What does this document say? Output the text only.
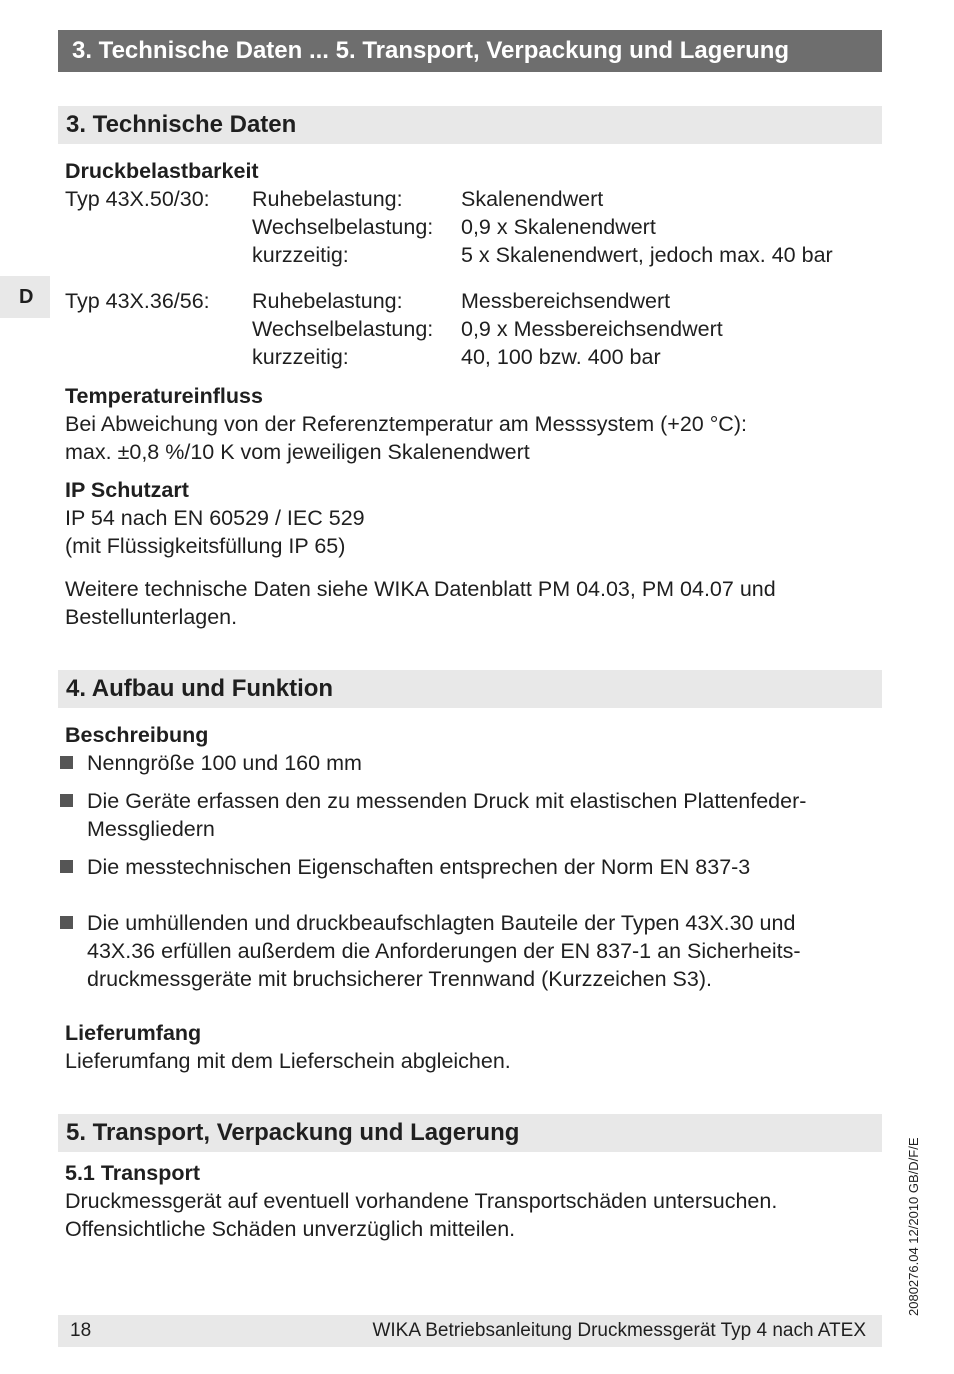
3. Technische Daten ... 5. Transport, Verpackung und Lagerung
D
3. Technische Daten
Druckbelastbarkeit
Typ 43X.50/30: Ruhebelastung:	Skalenendwert
Wechselbelastung: 0,9 x Skalenendwert
kurzzeitig:	5 x Skalenendwert, jedoch max. 40 bar
Typ 43X.36/56: Ruhebelastung:	Messbereichsendwert
Wechselbelastung: 0,9 x Messbereichsendwert
kurzzeitig:	40, 100 bzw. 400 bar
Temperatureinfluss
Bei Abweichung von der Referenztemperatur am Messsystem (+20 °C):
max. ±0,8 %/10 K vom jeweiligen Skalenendwert
IP Schutzart
IP 54 nach EN 60529 / IEC 529
(mit Flüssigkeitsfüllung IP 65)
Weitere technische Daten siehe WIKA Datenblatt PM 04.03, PM 04.07 und
Bestellunterlagen.
4. Aufbau und Funktion
Beschreibung
Nenngröße 100 und 160 mm
Die Geräte erfassen den zu messenden Druck mit elastischen Plattenfeder-
Messgliedern
Die messtechnischen Eigenschaften entsprechen der Norm EN 837-3
Die umhüllenden und druckbeaufschlagten Bauteile der Typen 43X.30 und
43X.36 erfüllen außerdem die Anforderungen der EN 837-1 an Sicherheits-
druckmessgeräte mit bruchsicherer Trennwand (Kurzzeichen S3).
Lieferumfang
Lieferumfang mit dem Lieferschein abgleichen.
5. Transport, Verpackung und Lagerung
5.1 Transport
Druckmessgerät auf eventuell vorhandene Transportschäden untersuchen.
Offensichtliche Schäden unverzüglich mitteilen.	2080276.04 12/2010 GB/D/F/E
18	WIKA Betriebsanleitung Druckmessgerät Typ 4 nach ATEX
